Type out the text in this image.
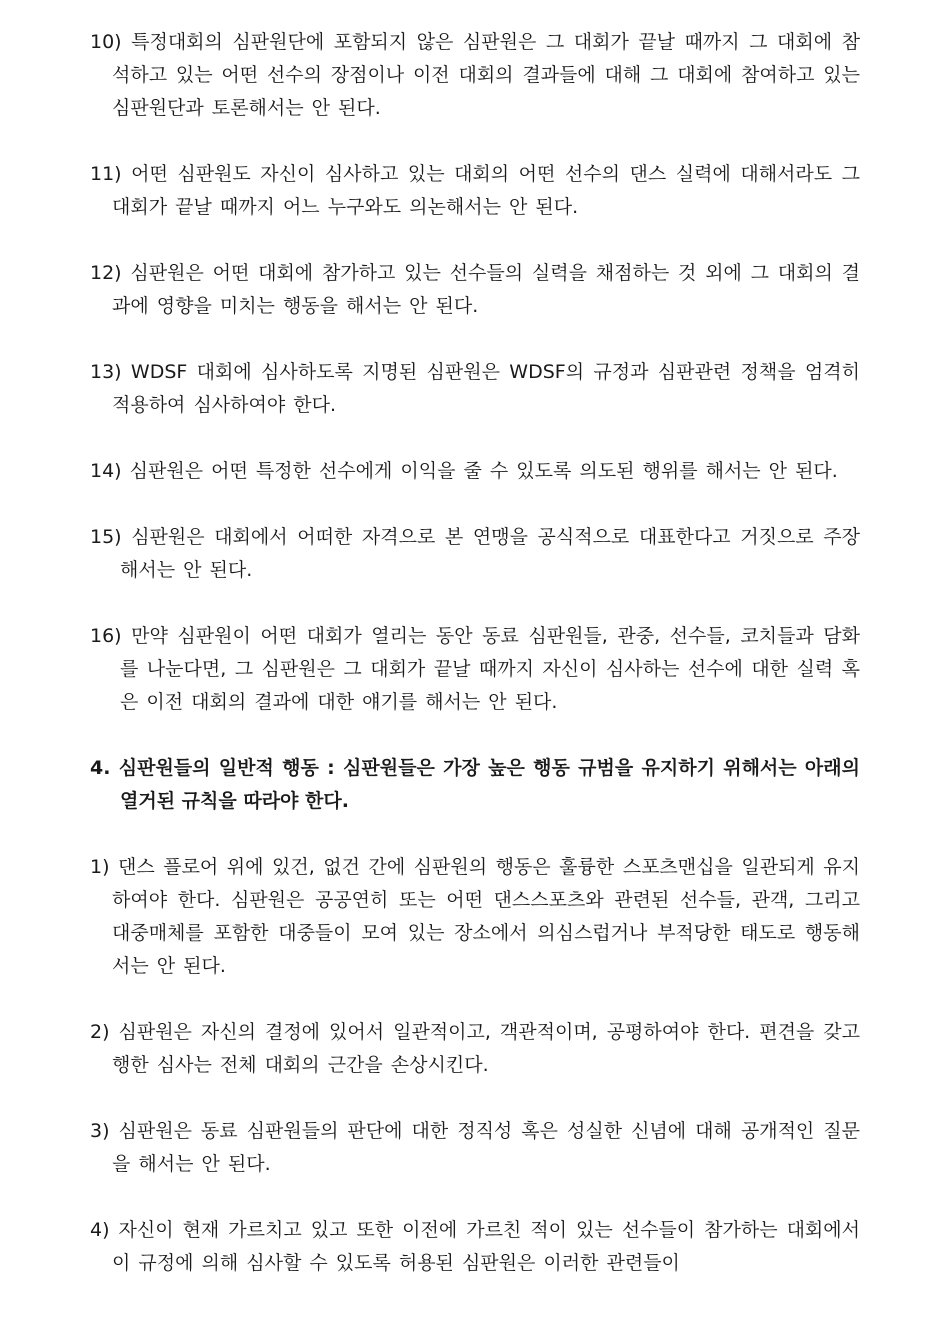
10) 특정대회의 심판원단에 포함되지 않은 심판원은 그 대회가 끝날 때까지 그 대회에 참석하고 있는 어떤 선수의 장점이나 이전 대회의 결과들에 대해 그 대회에 참여하고 있는 심판원단과 토론해서는 안 된다.

11) 어떤 심판원도 자신이 심사하고 있는 대회의 어떤 선수의 댄스 실력에 대해서라도 그 대회가 끝날 때까지 어느 누구와도 의논해서는 안 된다.

12) 심판원은 어떤 대회에 참가하고 있는 선수들의 실력을 채점하는 것 외에 그 대회의 결과에 영향을 미치는 행동을 해서는 안 된다.

13) WDSF 대회에 심사하도록 지명된 심판원은 WDSF의 규정과 심판관련 정책을 엄격히 적용하여 심사하여야 한다.

14) 심판원은 어떤 특정한 선수에게 이익을 줄 수 있도록 의도된 행위를 해서는 안 된다.

15) 심판원은 대회에서 어떠한 자격으로 본 연맹을 공식적으로 대표한다고 거짓으로 주장해서는 안 된다.

16) 만약 심판원이 어떤 대회가 열리는 동안 동료 심판원들, 관중, 선수들, 코치들과 담화를 나눈다면, 그 심판원은 그 대회가 끝날 때까지 자신이 심사하는 선수에 대한 실력 혹은 이전 대회의 결과에 대한 얘기를 해서는 안 된다.

4. 심판원들의 일반적 행동 : 심판원들은 가장 높은 행동 규범을 유지하기 위해서는 아래의 열거된 규칙을 따라야 한다.

1) 댄스 플로어 위에 있건, 없건 간에 심판원의 행동은 훌륭한 스포츠맨십을 일관되게 유지하여야 한다. 심판원은 공공연히 또는 어떤 댄스스포츠와 관련된 선수들, 관객, 그리고 대중매체를 포함한 대중들이 모여 있는 장소에서 의심스럽거나 부적당한 태도로 행동해서는 안 된다.

2) 심판원은 자신의 결정에 있어서 일관적이고, 객관적이며, 공평하여야 한다. 편견을 갖고 행한 심사는 전체 대회의 근간을 손상시킨다.

3) 심판원은 동료 심판원들의 판단에 대한 정직성 혹은 성실한 신념에 대해 공개적인 질문을 해서는 안 된다.

4) 자신이 현재 가르치고 있고 또한 이전에 가르친 적이 있는 선수들이 참가하는 대회에서 이 규정에 의해 심사할 수 있도록 허용된 심판원은 이러한 관련들이
